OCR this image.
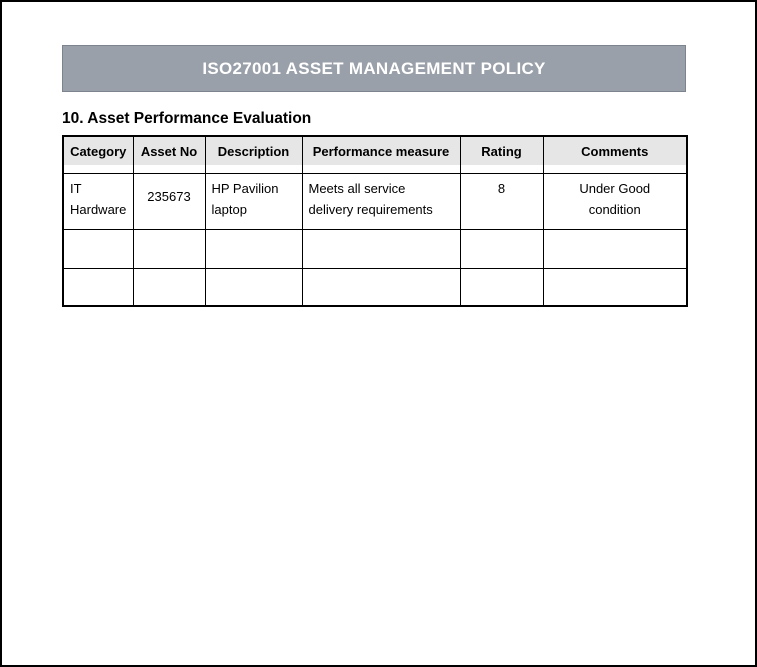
ISO27001 ASSET MANAGEMENT POLICY
10. Asset Performance Evaluation
Category	Asset No	Description	Performance measure	Rating	Comments

IT Hardware	235673	HP Pavilion laptop	Meets all service delivery requirements	8	Under Good condition
